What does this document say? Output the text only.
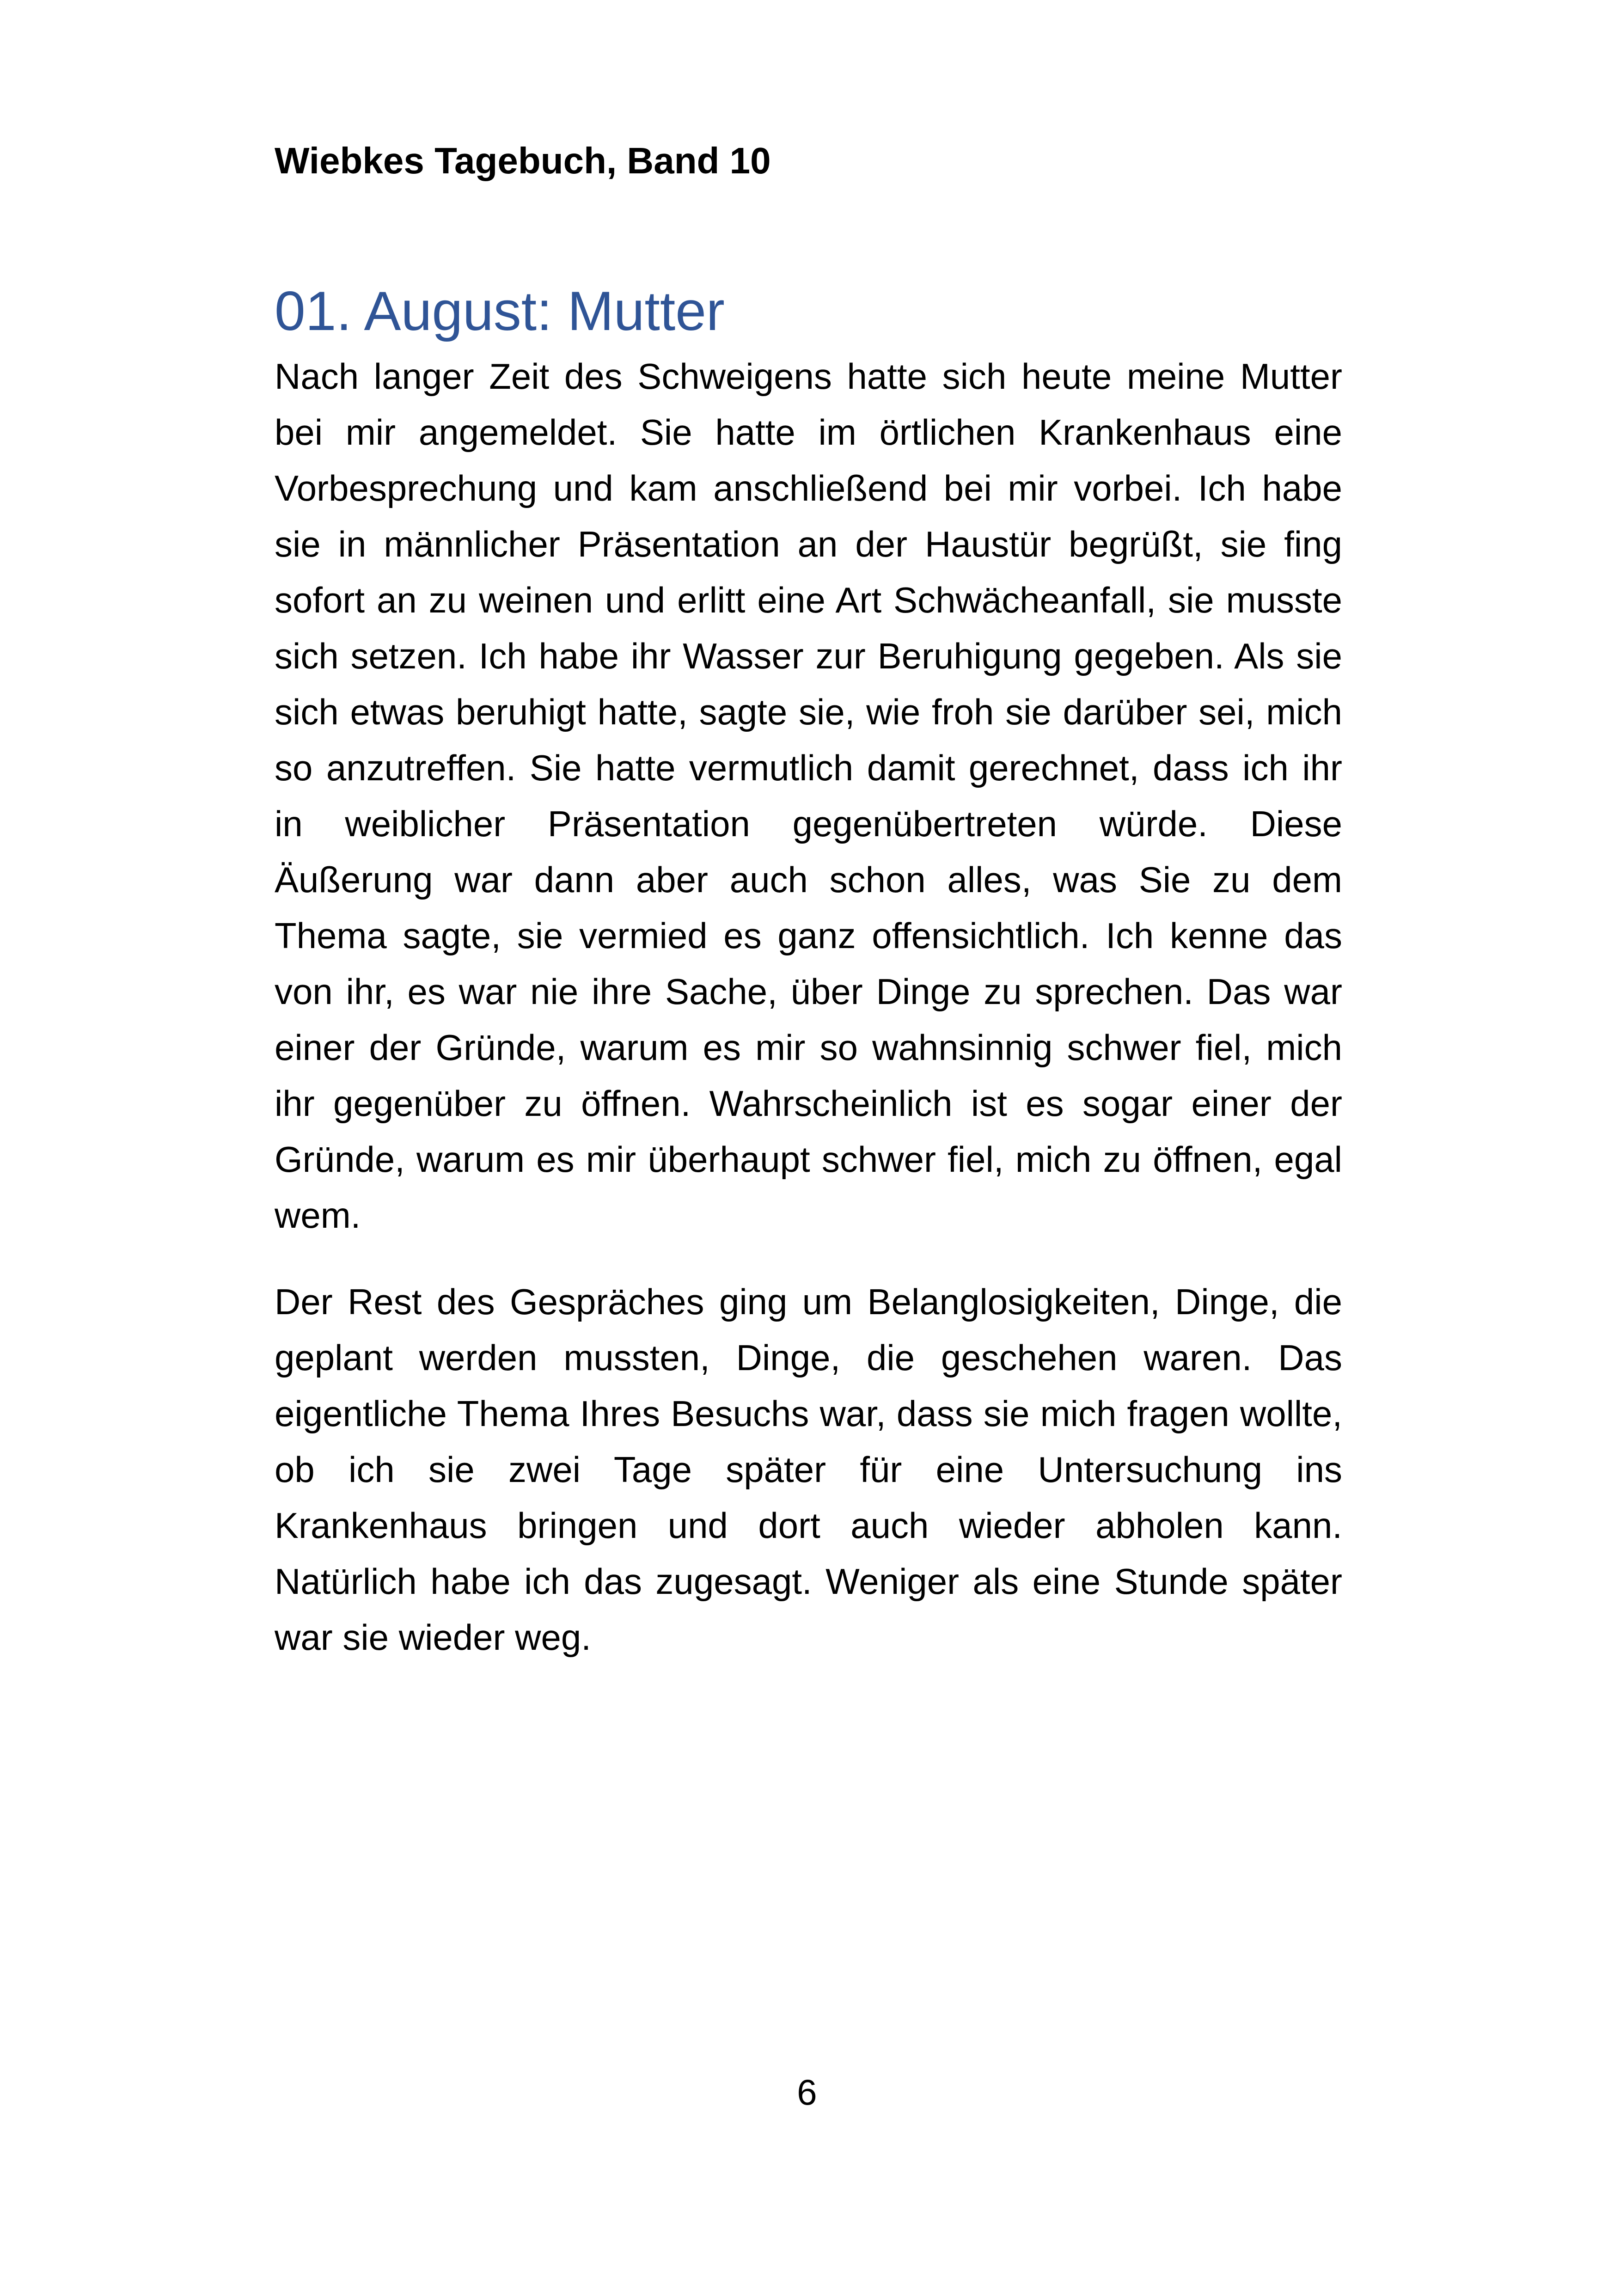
Wiebkes Tagebuch, Band 10

01. August: Mutter

Nach langer Zeit des Schweigens hatte sich heute meine Mutter bei mir angemeldet. Sie hatte im örtlichen Krankenhaus eine Vorbesprechung und kam anschließend bei mir vorbei. Ich habe sie in männlicher Präsentation an der Haustür begrüßt, sie fing sofort an zu weinen und erlitt eine Art Schwächeanfall, sie musste sich setzen. Ich habe ihr Wasser zur Beruhigung gegeben. Als sie sich etwas beruhigt hatte, sagte sie, wie froh sie darüber sei, mich so anzutreffen. Sie hatte vermutlich damit gerechnet, dass ich ihr in weiblicher Präsentation gegenübertreten würde. Diese Äußerung war dann aber auch schon alles, was Sie zu dem Thema sagte, sie vermied es ganz offensichtlich. Ich kenne das von ihr, es war nie ihre Sache, über Dinge zu sprechen. Das war einer der Gründe, warum es mir so wahnsinnig schwer fiel, mich ihr gegenüber zu öffnen. Wahrscheinlich ist es sogar einer der Gründe, warum es mir überhaupt schwer fiel, mich zu öffnen, egal wem.

Der Rest des Gespräches ging um Belanglosigkeiten, Dinge, die geplant werden mussten, Dinge, die geschehen waren. Das eigentliche Thema Ihres Besuchs war, dass sie mich fragen wollte, ob ich sie zwei Tage später für eine Untersuchung ins Krankenhaus bringen und dort auch wieder abholen kann. Natürlich habe ich das zugesagt. Weniger als eine Stunde später war sie wieder weg.

6
